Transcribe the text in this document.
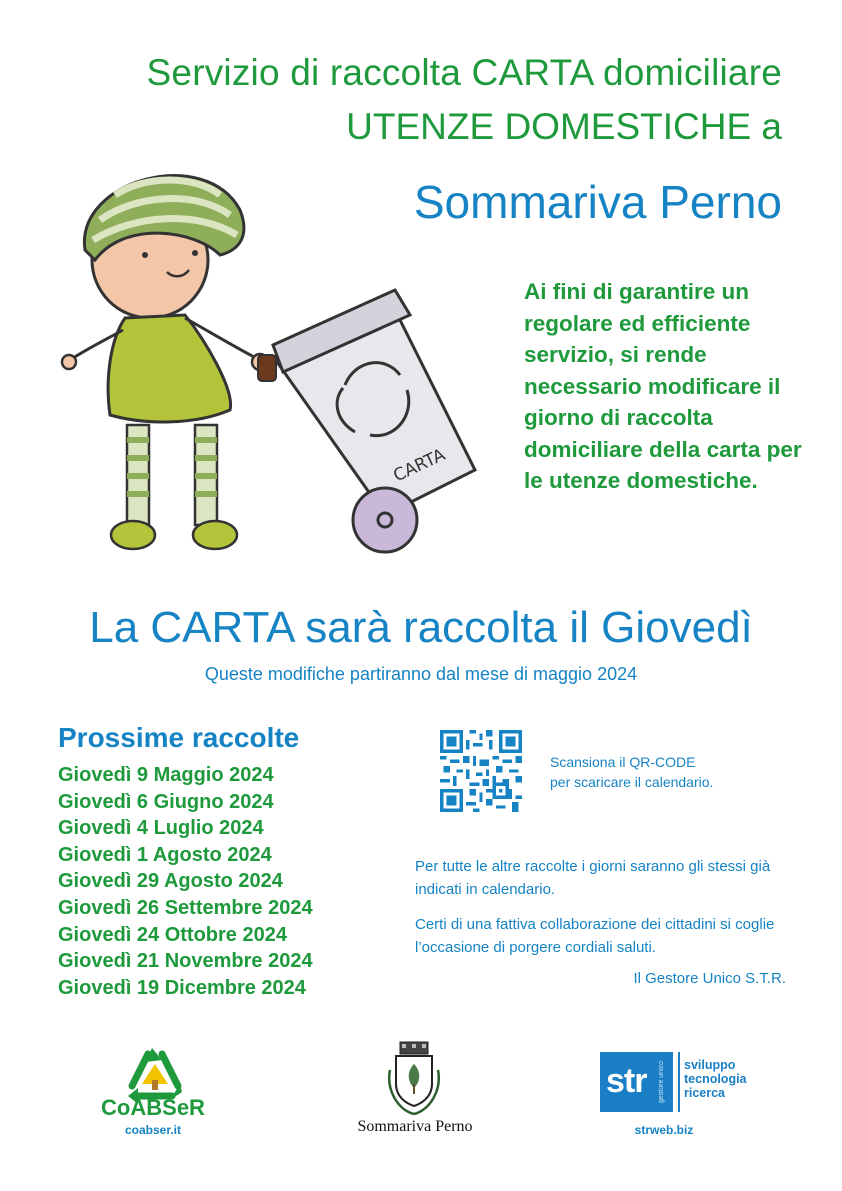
Servizio di raccolta CARTA domiciliare
UTENZE DOMESTICHE a
Sommariva Perno
CARTA
Ai fini di garantire un regolare ed efficiente servizio, si rende necessario modificare il giorno di raccolta domiciliare della carta per le utenze domestiche.
La CARTA sarà raccolta il Giovedì
Queste modifiche partiranno dal mese di maggio 2024
Prossime raccolte
Giovedì 9 Maggio 2024
Giovedì 6 Giugno 2024
Giovedì 4 Luglio 2024
Giovedì 1 Agosto 2024
Giovedì 29 Agosto 2024
Giovedì 26 Settembre 2024
Giovedì 24 Ottobre 2024
Giovedì 21 Novembre 2024
Giovedì 19 Dicembre 2024
Scansiona il QR-CODE
per scaricare il calendario.

Per tutte le altre raccolte i giorni saranno gli stessi già indicati in calendario.

Certi di una fattiva collaborazione dei cittadini si coglie l’occasione di porgere cordiali saluti.

Il Gestore Unico S.T.R.
CoABSeR
coabser.it	Sommariva Perno
str gestore unico	sviluppo
tecnologia
ricerca
strweb.biz
